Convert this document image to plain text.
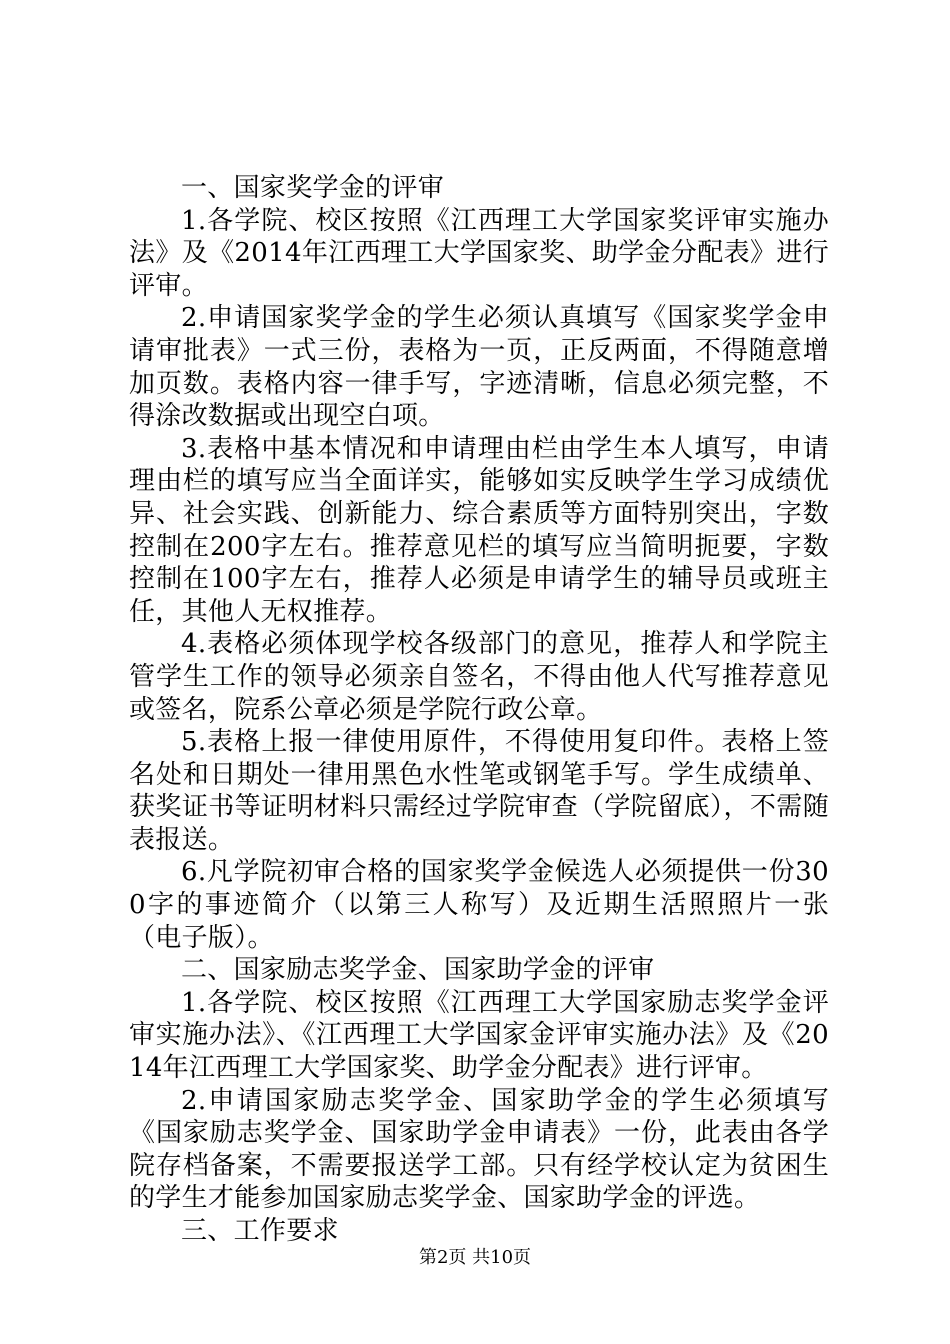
一、国家奖学金的评审

1.各学院、校区按照《江西理工大学国家奖评审实施办法》及《2014年江西理工大学国家奖、助学金分配表》进行评审。

2.申请国家奖学金的学生必须认真填写《国家奖学金申请审批表》一式三份，表格为一页，正反两面，不得随意增加页数。表格内容一律手写，字迹清晰，信息必须完整，不得涂改数据或出现空白项。

3.表格中基本情况和申请理由栏由学生本人填写，申请理由栏的填写应当全面详实，能够如实反映学生学习成绩优异、社会实践、创新能力、综合素质等方面特别突出，字数控制在200字左右。推荐意见栏的填写应当简明扼要，字数控制在100字左右，推荐人必须是申请学生的辅导员或班主任，其他人无权推荐。

4.表格必须体现学校各级部门的意见，推荐人和学院主管学生工作的领导必须亲自签名，不得由他人代写推荐意见或签名，院系公章必须是学院行政公章。

5.表格上报一律使用原件，不得使用复印件。表格上签名处和日期处一律用黑色水性笔或钢笔手写。学生成绩单、获奖证书等证明材料只需经过学院审查（学院留底），不需随表报送。

6.凡学院初审合格的国家奖学金候选人必须提供一份300字的事迹简介（以第三人称写）及近期生活照照片一张（电子版）。

二、国家励志奖学金、国家助学金的评审

1.各学院、校区按照《江西理工大学国家励志奖学金评审实施办法》、《江西理工大学国家金评审实施办法》及《2014年江西理工大学国家奖、助学金分配表》进行评审。

2.申请国家励志奖学金、国家助学金的学生必须填写《国家励志奖学金、国家助学金申请表》一份，此表由各学院存档备案，不需要报送学工部。只有经学校认定为贫困生的学生才能参加国家励志奖学金、国家助学金的评选。

三、工作要求

第2页 共10页
